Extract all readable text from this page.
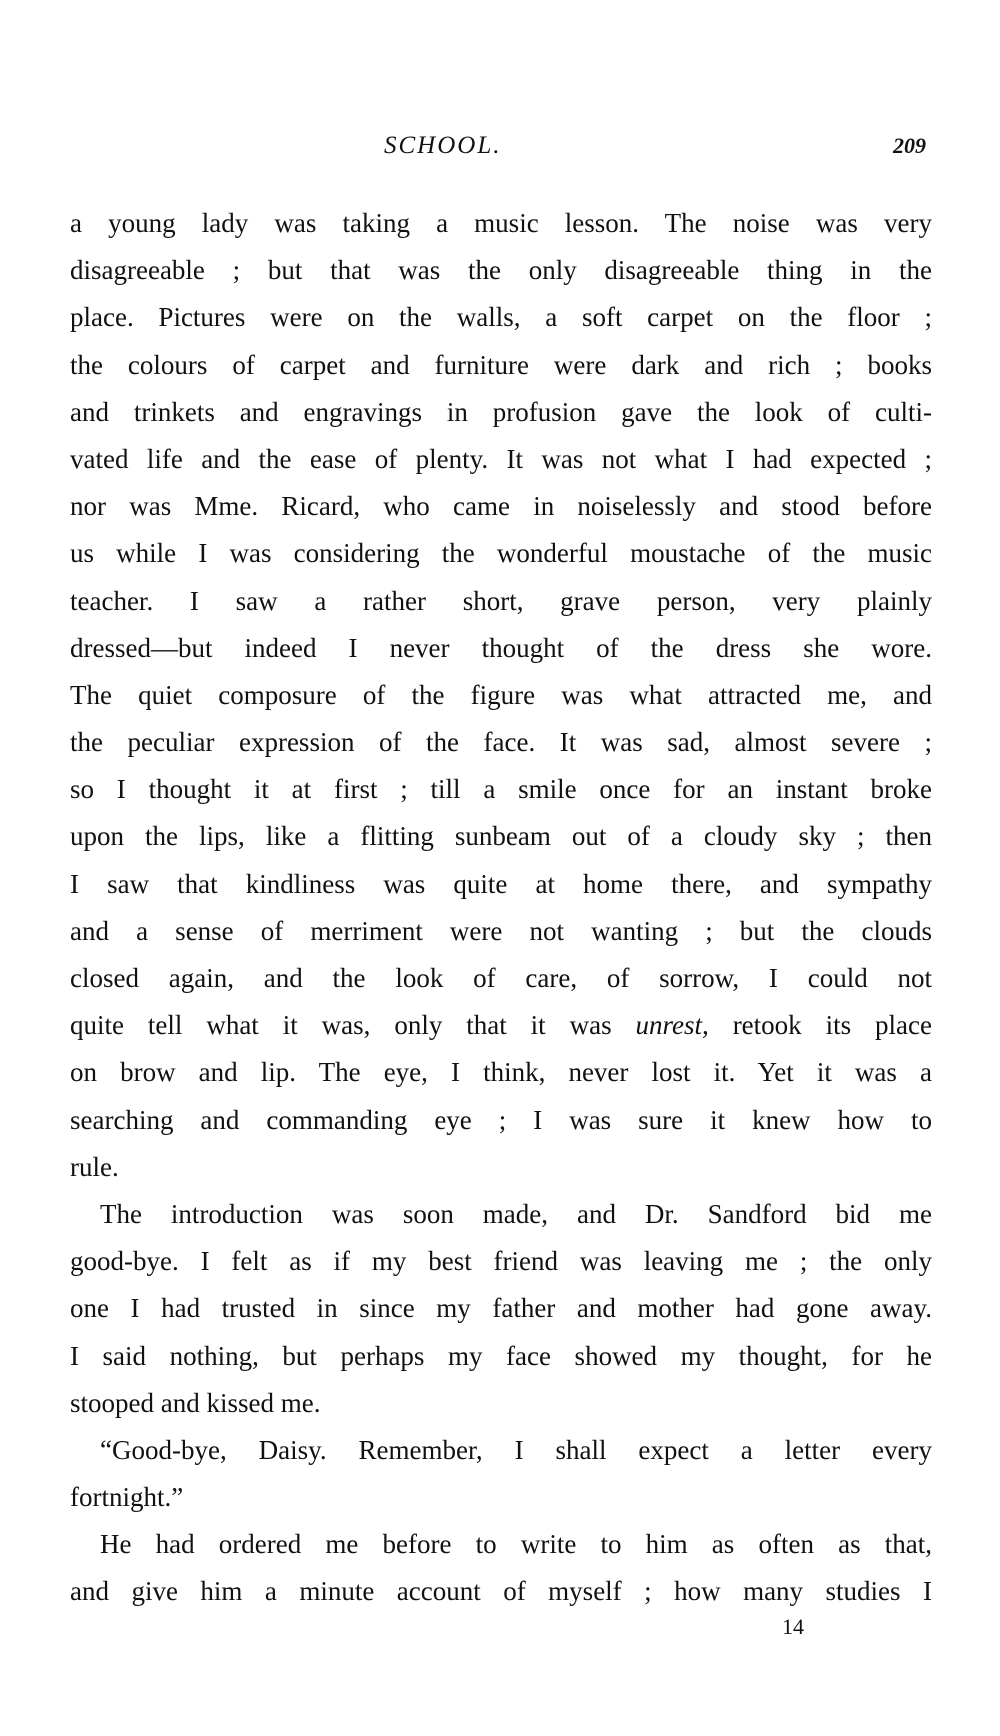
SCHOOL.	209
a young lady was taking a music lesson. The noise was very
disagreeable ; but that was the only disagreeable thing in the
place. Pictures were on the walls, a soft carpet on the floor ;
the colours of carpet and furniture were dark and rich ; books
and trinkets and engravings in profusion gave the look of culti-
vated life and the ease of plenty. It was not what I had expected ;
nor was Mme. Ricard, who came in noiselessly and stood before
us while I was considering the wonderful moustache of the music
teacher. I saw a rather short, grave person, very plainly
dressed—but indeed I never thought of the dress she wore.
The quiet composure of the figure was what attracted me, and
the peculiar expression of the face. It was sad, almost severe ;
so I thought it at first ; till a smile once for an instant broke
upon the lips, like a flitting sunbeam out of a cloudy sky ; then
I saw that kindliness was quite at home there, and sympathy
and a sense of merriment were not wanting ; but the clouds
closed again, and the look of care, of sorrow, I could not
quite tell what it was, only that it was unrest, retook its place
on brow and lip. The eye, I think, never lost it. Yet it was a
searching and commanding eye ; I was sure it knew how to
rule.
The introduction was soon made, and Dr. Sandford bid me
good-bye. I felt as if my best friend was leaving me ; the only
one I had trusted in since my father and mother had gone away.
I said nothing, but perhaps my face showed my thought, for he
stooped and kissed me.
“Good-bye, Daisy. Remember, I shall expect a letter every
fortnight.”
He had ordered me before to write to him as often as that,
and give him a minute account of myself ; how many studies I
14
